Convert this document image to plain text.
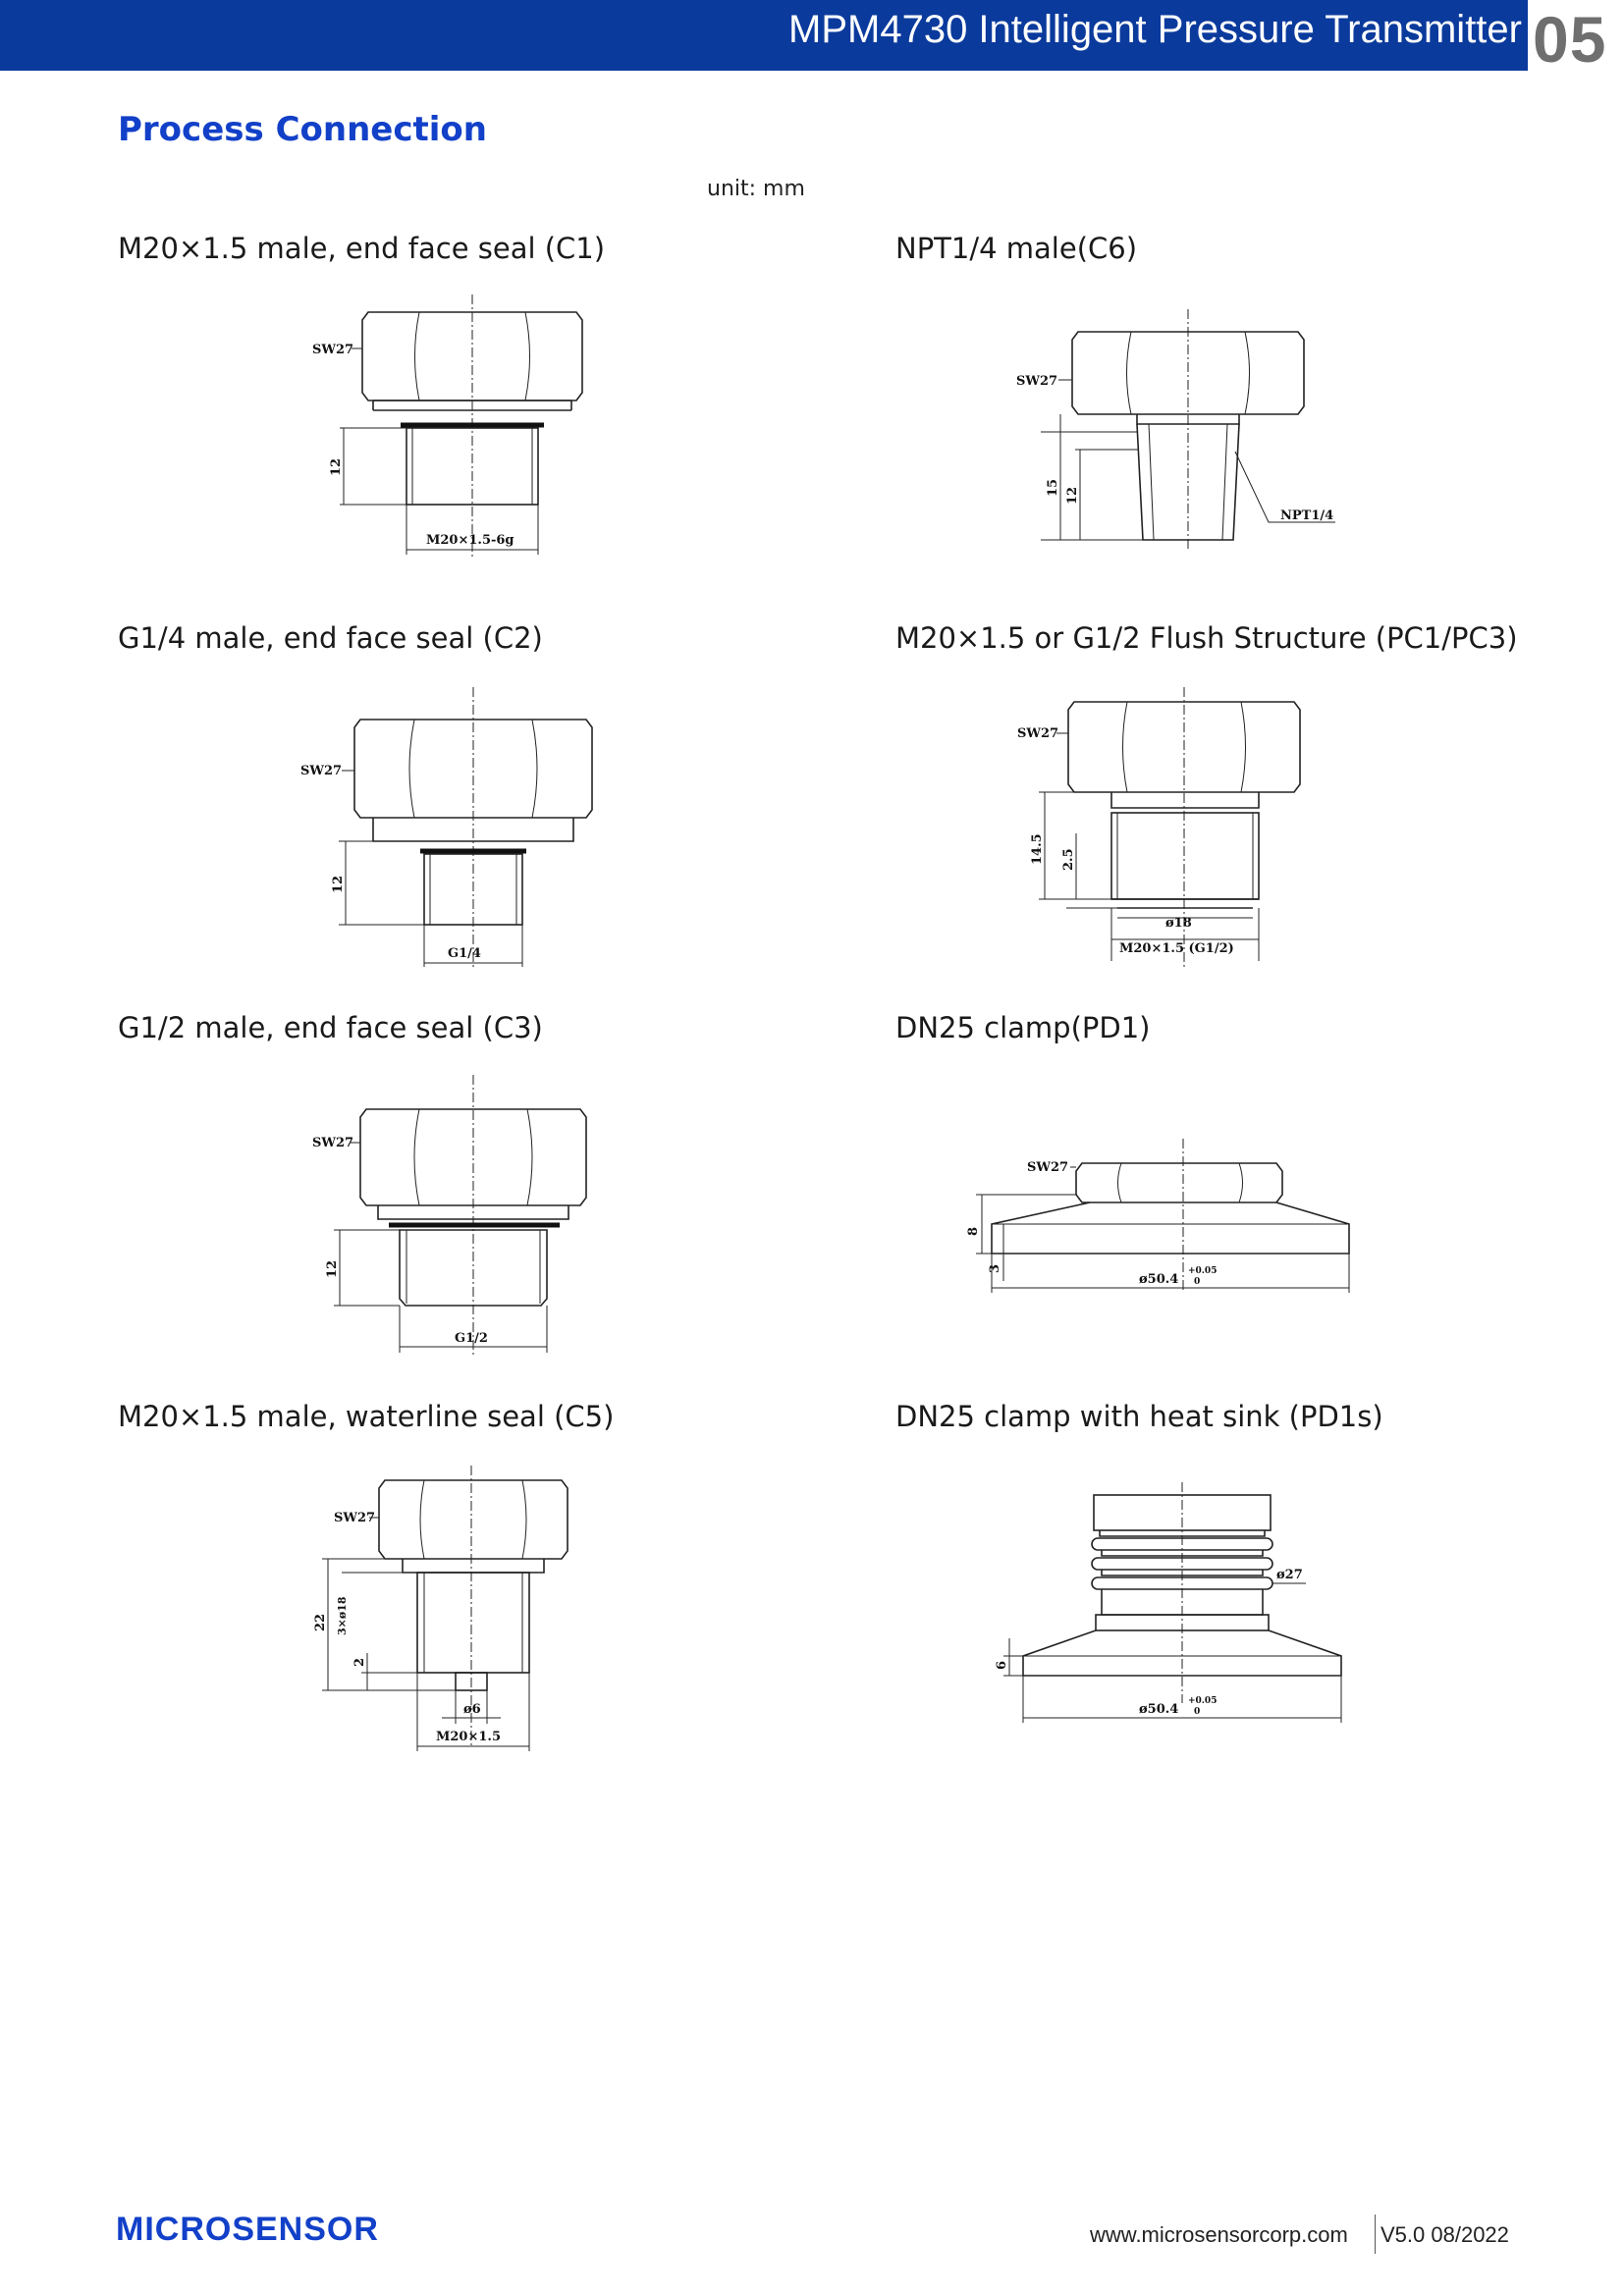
MPM4730 Intelligent Pressure Transmitter 05
Process Connection
unit: mm
M20×1.5 male, end face seal (C1)
SW27
12
M20×1.5-6g
NPT1/4 male(C6)
SW27
15 12
NPT1/4
G1/4 male, end face seal (C2)
SW27
12
G1/4
M20×1.5 or G1/2 Flush Structure (PC1/PC3)
SW27
14.5 2.5
ø18
M20×1.5 (G1/2)
G1/2 male, end face seal (C3)
SW27
12
G1/2
DN25 clamp(PD1)
SW27
8
3
ø50.4
+0.05
0
M20×1.5 male, waterline seal (C5)
SW27
22 3×ø18
2
ø6
M20×1.5
DN25 clamp with heat sink (PD1s)
ø27
6
ø50.4
+0.05
0
MICROSENSOR	www.microsensorcorp.com V5.0 08/2022
